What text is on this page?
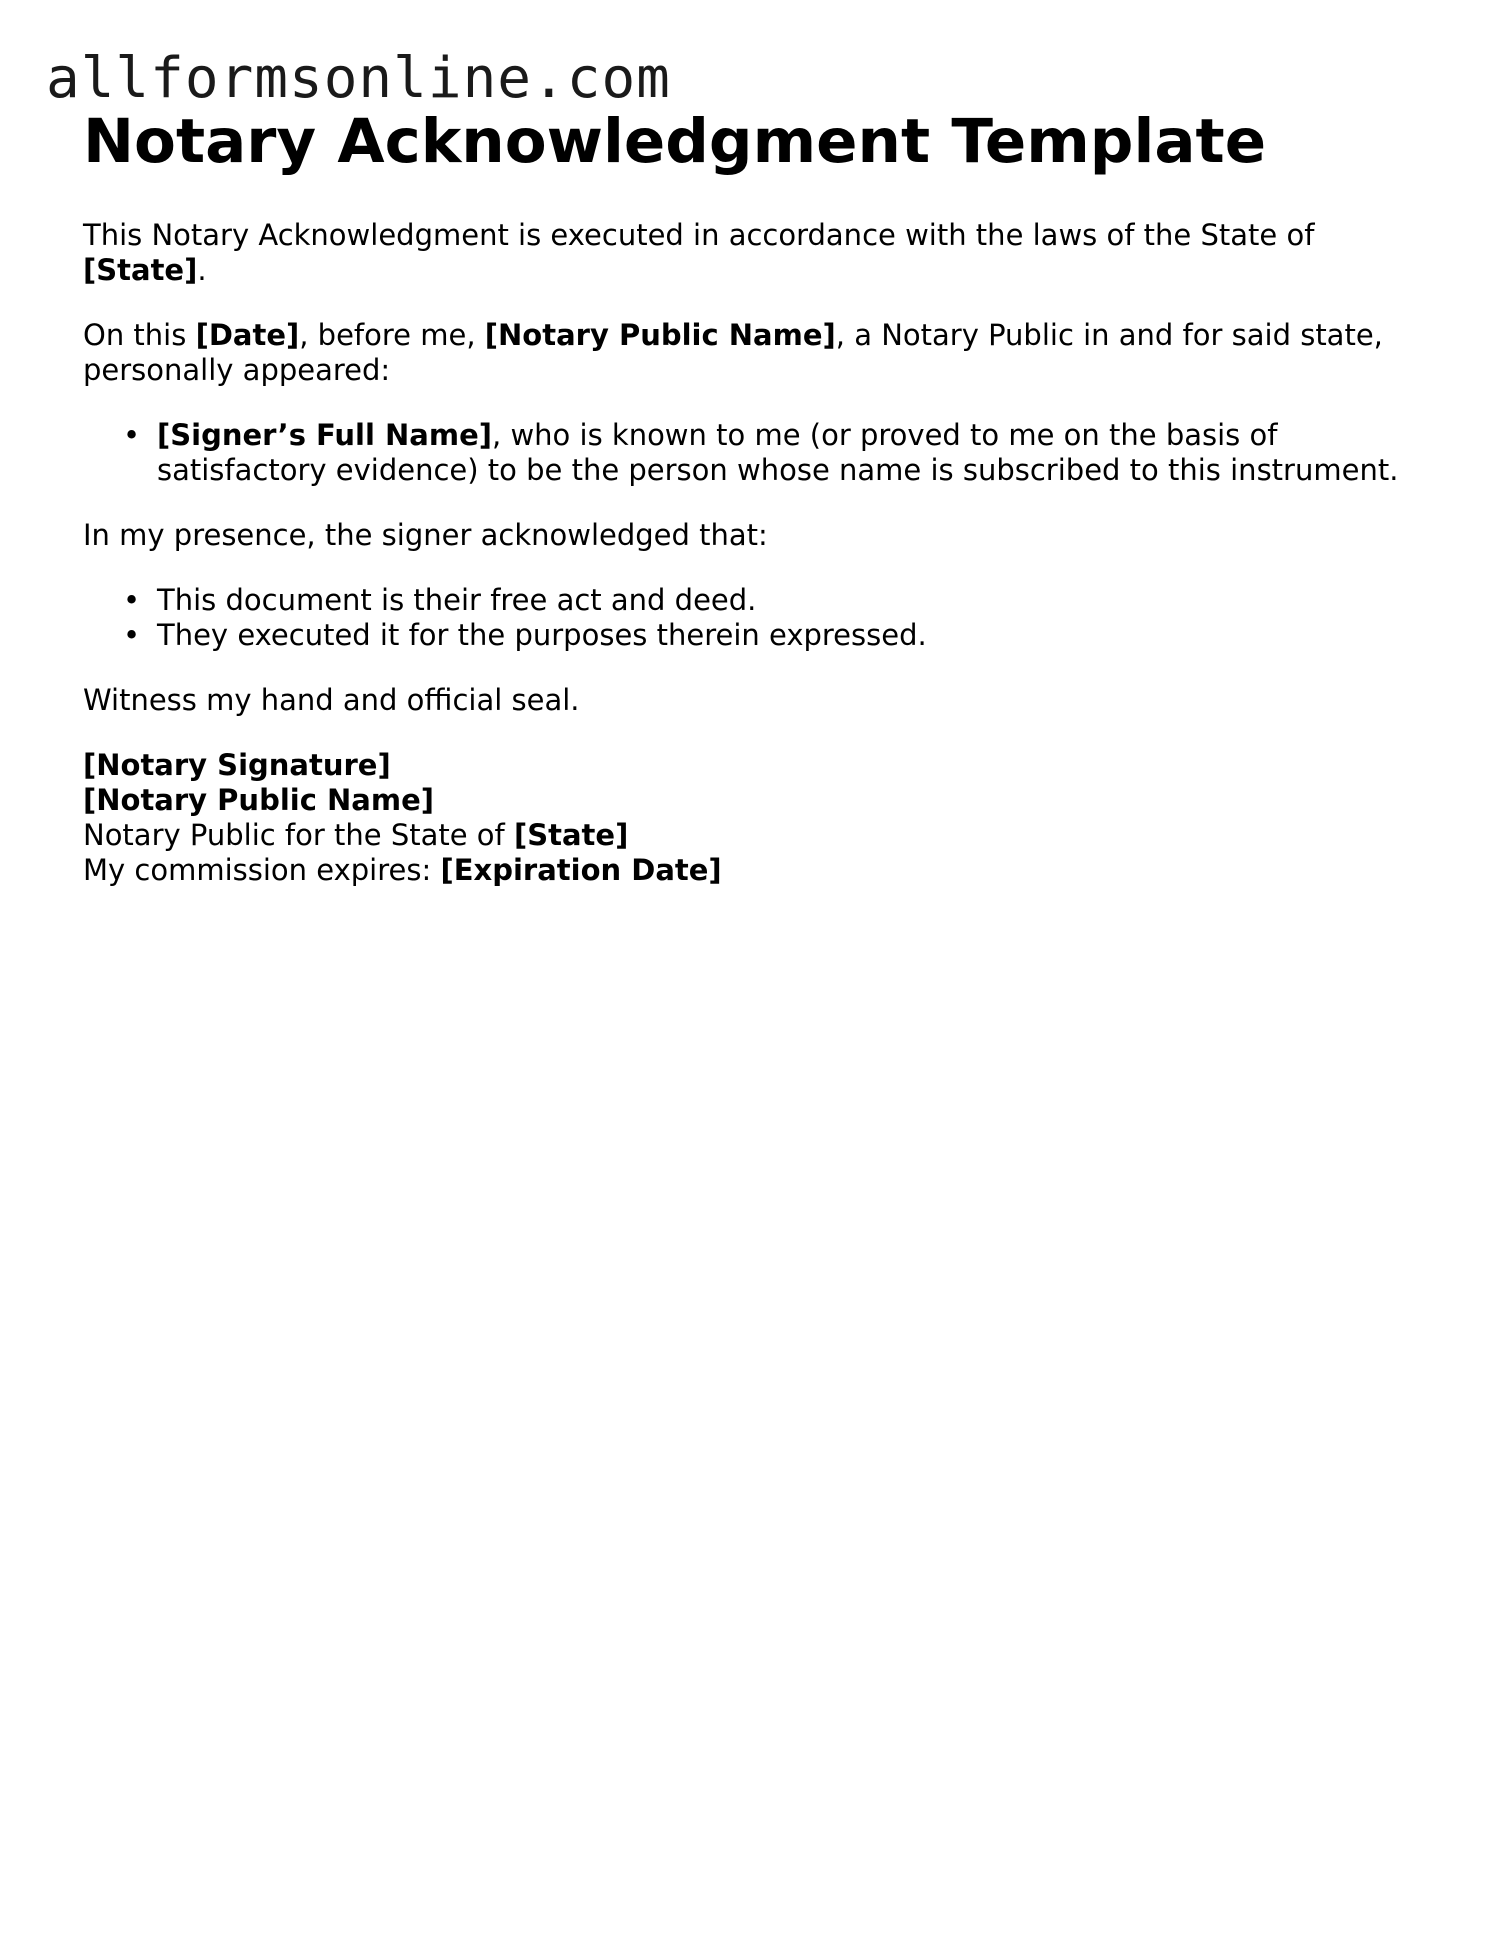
allformsonline.com
Notary Acknowledgment Template

This Notary Acknowledgment is executed in accordance with the laws of the State of [State].

On this [Date], before me, [Notary Public Name], a Notary Public in and for said state, personally appeared:

• [Signer’s Full Name], who is known to me (or proved to me on the basis of satisfactory evidence) to be the person whose name is subscribed to this instrument.

In my presence, the signer acknowledged that:

• This document is their free act and deed.
• They executed it for the purposes therein expressed.

Witness my hand and official seal.

[Notary Signature]
[Notary Public Name]
Notary Public for the State of [State]
My commission expires: [Expiration Date]
